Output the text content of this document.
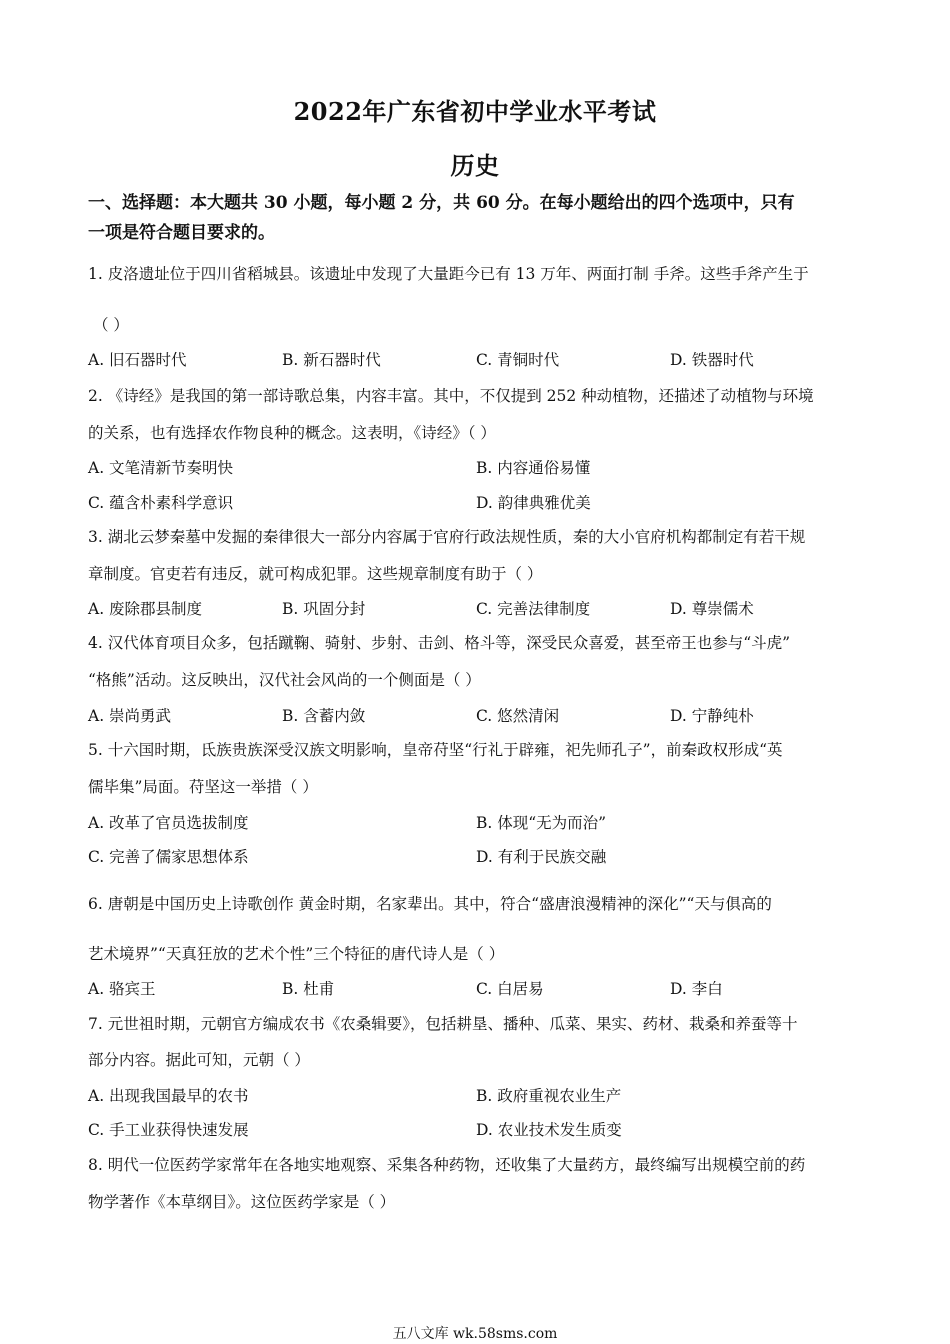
2022年广东省初中学业水平考试
历史
一、选择题：本大题共 30 小题，每小题 2 分，共 60 分。在每小题给出的四个选项中，只有
一项是符合题目要求的。
1. 皮洛遗址位于四川省稻城县。该遗址中发现了大量距今已有 13 万年、两面打制 手斧。这些手斧产生于
（ ）
A. 旧石器时代	B. 新石器时代	C. 青铜时代	D. 铁器时代
2. 《诗经》是我国的第一部诗歌总集，内容丰富。其中，不仅提到 252 种动植物，还描述了动植物与环境
的关系，也有选择农作物良种的概念。这表明，《诗经》（ ）
A. 文笔清新节奏明快	B. 内容通俗易懂
C. 蕴含朴素科学意识	D. 韵律典雅优美
3. 湖北云梦秦墓中发掘的秦律很大一部分内容属于官府行政法规性质，秦的大小官府机构都制定有若干规
章制度。官吏若有违反，就可构成犯罪。这些规章制度有助于（ ）
A. 废除郡县制度	B. 巩固分封	C. 完善法律制度	D. 尊崇儒术
4. 汉代体育项目众多，包括蹴鞠、骑射、步射、击剑、格斗等，深受民众喜爱，甚至帝王也参与“斗虎”
“格熊”活动。这反映出，汉代社会风尚的一个侧面是（ ）
A. 崇尚勇武	B. 含蓄内敛	C. 悠然清闲	D. 宁静纯朴
5. 十六国时期，氐族贵族深受汉族文明影响，皇帝苻坚“行礼于辟雍，祀先师孔子”，前秦政权形成“英
儒毕集”局面。苻坚这一举措（ ）
A. 改革了官员选拔制度	B. 体现“无为而治”
C. 完善了儒家思想体系	D. 有利于民族交融
6. 唐朝是中国历史上诗歌创作 黄金时期，名家辈出。其中，符合“盛唐浪漫精神的深化”“天与俱高的
艺术境界”“天真狂放的艺术个性”三个特征的唐代诗人是（ ）
A. 骆宾王	B. 杜甫	C. 白居易	D. 李白
7. 元世祖时期，元朝官方编成农书《农桑辑要》，包括耕垦、播种、瓜菜、果实、药材、栽桑和养蚕等十
部分内容。据此可知，元朝（ ）
A. 出现我国最早的农书	B. 政府重视农业生产
C. 手工业获得快速发展	D. 农业技术发生质变
8. 明代一位医药学家常年在各地实地观察、采集各种药物，还收集了大量药方，最终编写出规模空前的药
物学著作《本草纲目》。这位医药学家是（ ）
五八文库 wk.58sms.com
